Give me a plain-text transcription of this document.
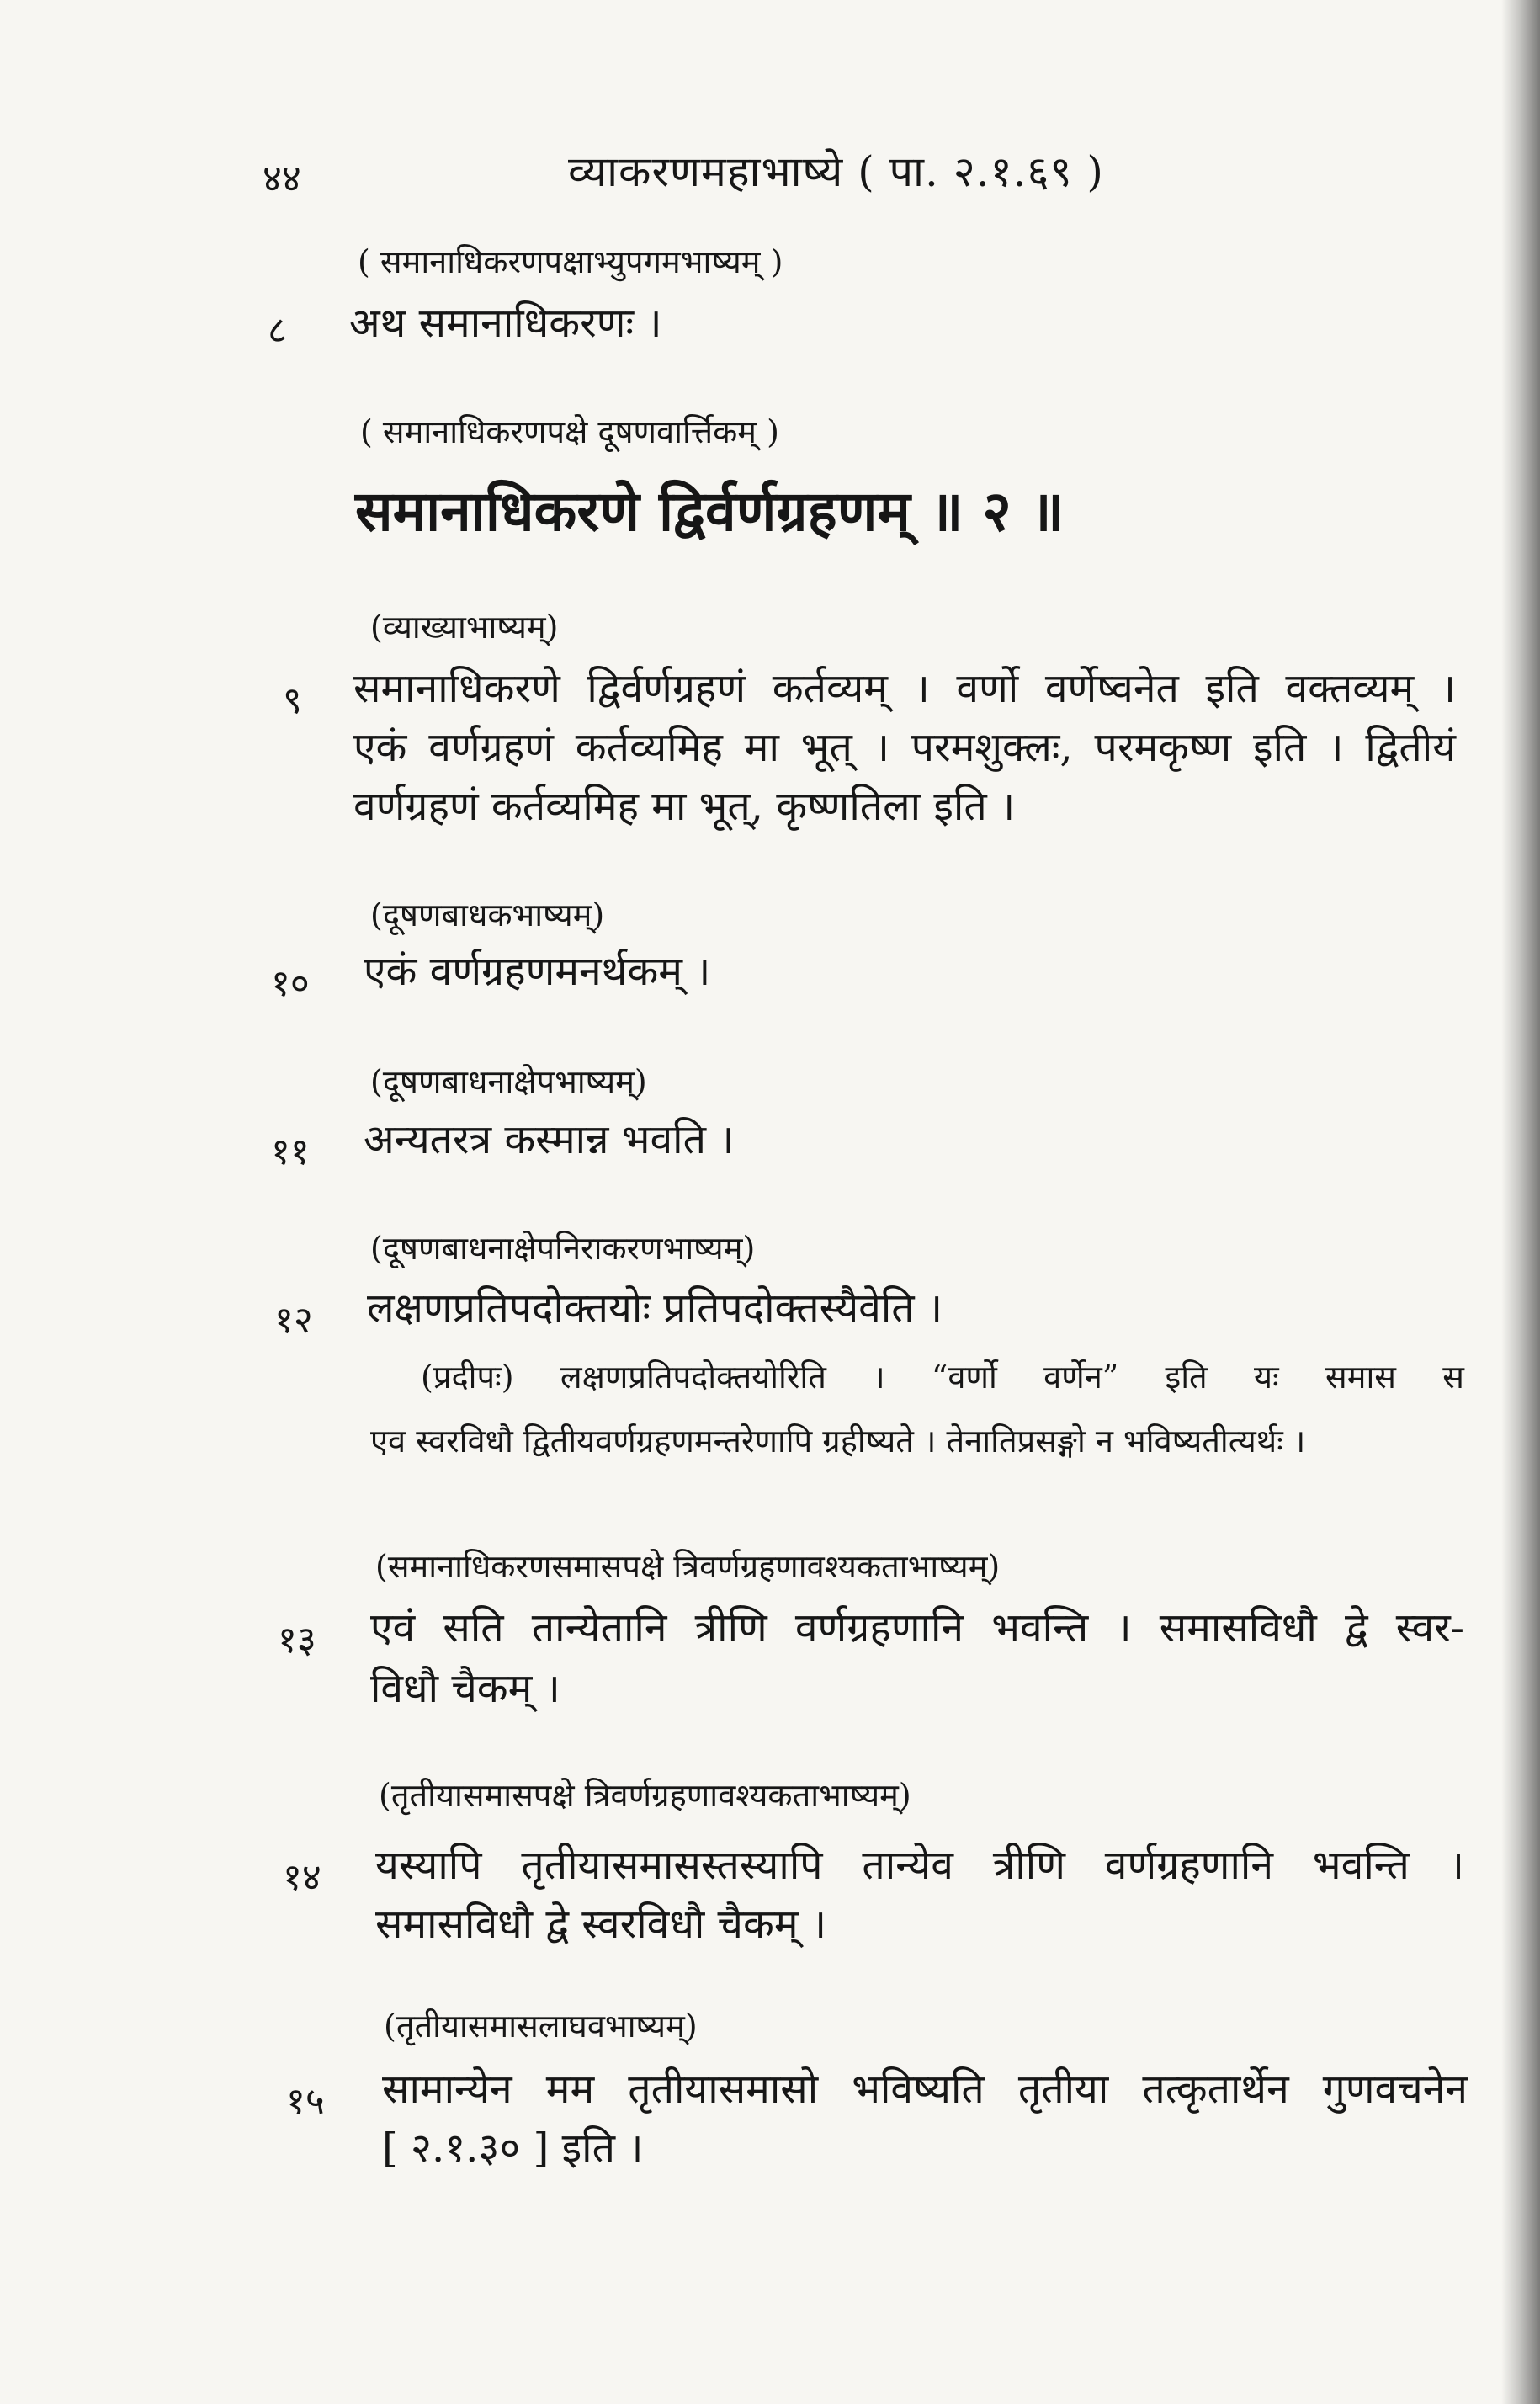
४४	व्याकरणमहाभाष्ये ( पा. २.१.६९ )
( समानाधिकरणपक्षाभ्युपगमभाष्यम् )
८ अथ समानाधिकरणः ।
( समानाधिकरणपक्षे दूषणवार्त्तिकम् )
समानाधिकरणे द्विर्वर्णग्रहणम् ॥ २ ॥
(व्याख्याभाष्यम्)
९ समानाधिकरणे द्विर्वर्णग्रहणं कर्तव्यम् । वर्णो वर्णेष्वनेत इति वक्तव्यम् ।
एकं वर्णग्रहणं कर्तव्यमिह मा भूत् । परमशुक्लः, परमकृष्ण इति । द्वितीयं
वर्णग्रहणं कर्तव्यमिह मा भूत्, कृष्णतिला इति ।
(दूषणबाधकभाष्यम्)
१० एकं वर्णग्रहणमनर्थकम् ।
(दूषणबाधनाक्षेपभाष्यम्)
११ अन्यतरत्र कस्मान्न भवति ।
(दूषणबाधनाक्षेपनिराकरणभाष्यम्)
१२ लक्षणप्रतिपदोक्तयोः प्रतिपदोक्तस्यैवेति ।
(प्रदीपः) लक्षणप्रतिपदोक्तयोरिति । “वर्णो वर्णेन” इति यः समास स
एव स्वरविधौ द्वितीयवर्णग्रहणमन्तरेणापि ग्रहीष्यते । तेनातिप्रसङ्गो न भविष्यतीत्यर्थः ।
(समानाधिकरणसमासपक्षे त्रिवर्णग्रहणावश्यकताभाष्यम्)
१३ एवं सति तान्येतानि त्रीणि वर्णग्रहणानि भवन्ति । समासविधौ द्वे स्वर-
विधौ चैकम् ।
(तृतीयासमासपक्षे त्रिवर्णग्रहणावश्यकताभाष्यम्)
१४ यस्यापि तृतीयासमासस्तस्यापि तान्येव त्रीणि वर्णग्रहणानि भवन्ति ।
समासविधौ द्वे स्वरविधौ चैकम् ।
(तृतीयासमासलाघवभाष्यम्)
१५ सामान्येन मम तृतीयासमासो भविष्यति तृतीया तत्कृतार्थेन गुणवचनेन
[ २.१.३० ] इति ।
